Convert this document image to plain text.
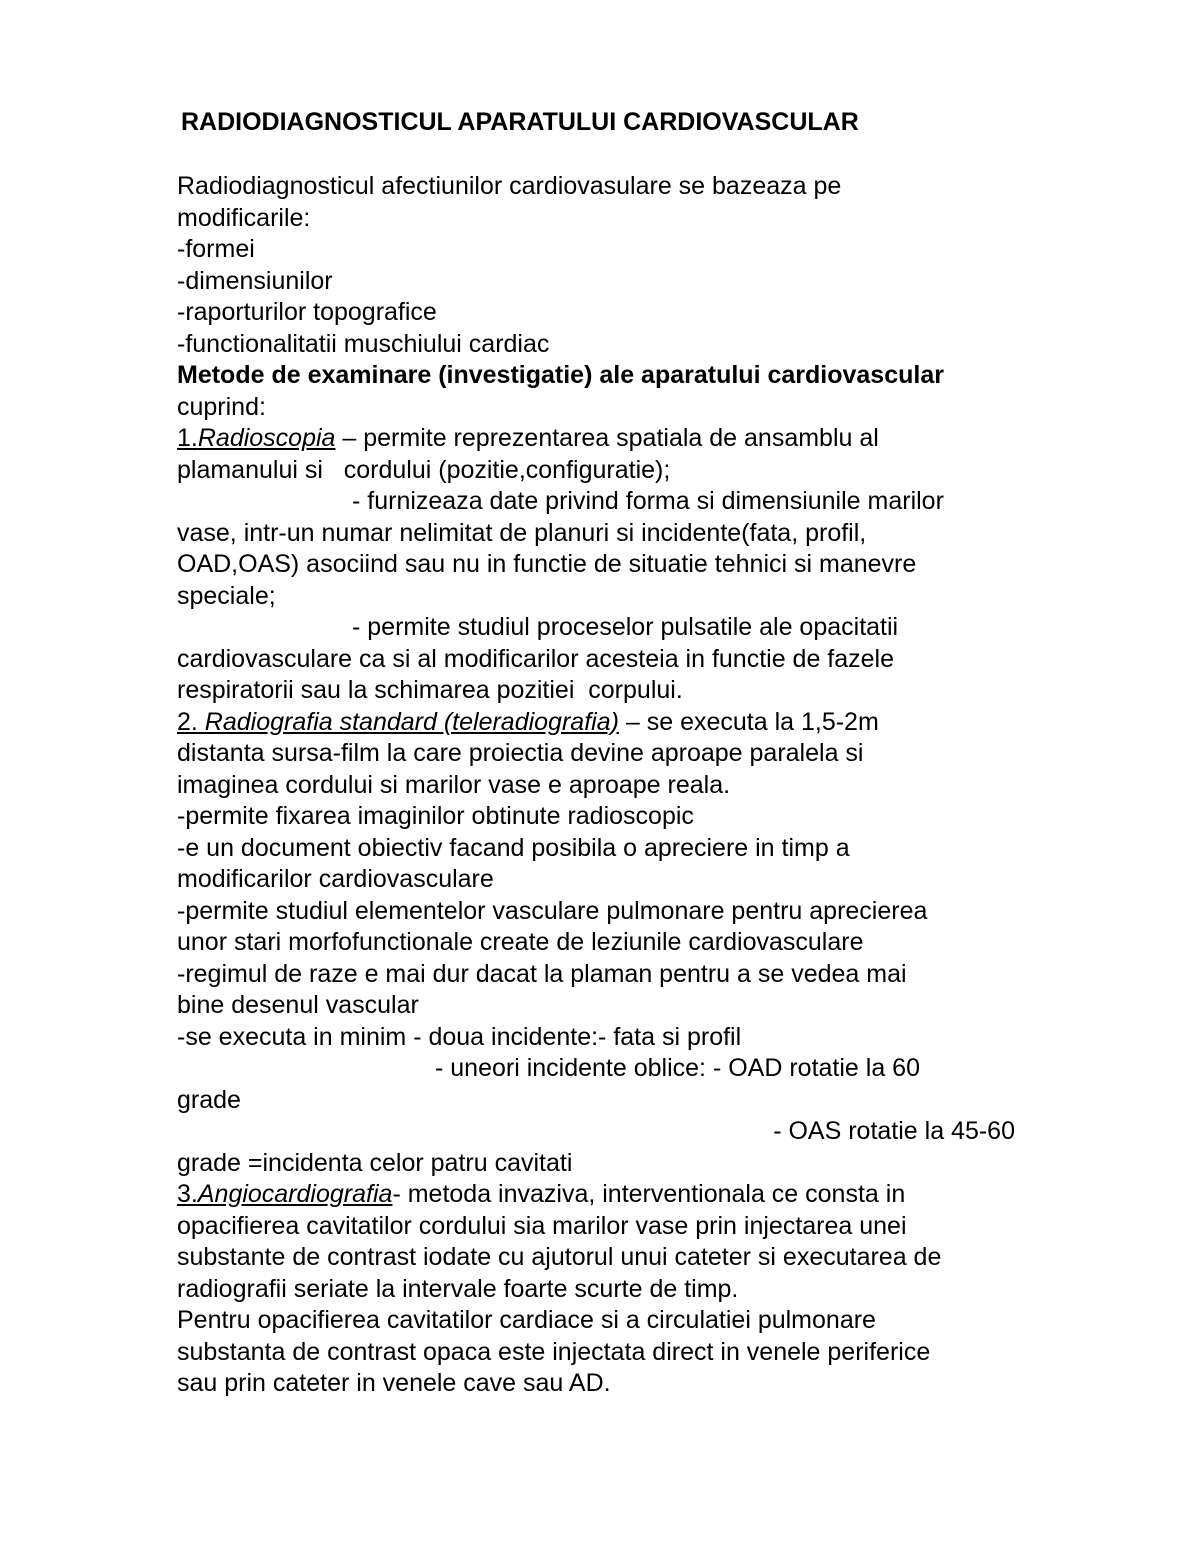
RADIODIAGNOSTICUL APARATULUI CARDIOVASCULAR
Radiodiagnosticul afectiunilor cardiovasulare se bazeaza pe
modificarile:
-formei
-dimensiunilor
-raporturilor topografice
-functionalitatii muschiului cardiac
Metode de examinare (investigatie) ale aparatului cardiovascular
cuprind:
1.Radioscopia – permite reprezentarea spatiala de ansamblu al
plamanului si   cordului (pozitie,configuratie);
- furnizeaza date privind forma si dimensiunile marilor
vase, intr-un numar nelimitat de planuri si incidente(fata, profil,
OAD,OAS) asociind sau nu in functie de situatie tehnici si manevre
speciale;
- permite studiul proceselor pulsatile ale opacitatii
cardiovasculare ca si al modificarilor acesteia in functie de fazele
respiratorii sau la schimarea pozitiei  corpului.
2. Radiografia standard (teleradiografia) – se executa la 1,5-2m
distanta sursa-film la care proiectia devine aproape paralela si
imaginea cordului si marilor vase e aproape reala.
-permite fixarea imaginilor obtinute radioscopic
-e un document obiectiv facand posibila o apreciere in timp a
modificarilor cardiovasculare
-permite studiul elementelor vasculare pulmonare pentru aprecierea
unor stari morfofunctionale create de leziunile cardiovasculare
-regimul de raze e mai dur dacat la plaman pentru a se vedea mai
bine desenul vascular
-se executa in minim - doua incidente:- fata si profil
- uneori incidente oblice: - OAD rotatie la 60
grade
- OAS rotatie la 45-60
grade =incidenta celor patru cavitati
3.Angiocardiografia- metoda invaziva, interventionala ce consta in
opacifierea cavitatilor cordului sia marilor vase prin injectarea unei
substante de contrast iodate cu ajutorul unui cateter si executarea de
radiografii seriate la intervale foarte scurte de timp.
Pentru opacifierea cavitatilor cardiace si a circulatiei pulmonare
substanta de contrast opaca este injectata direct in venele periferice
sau prin cateter in venele cave sau AD.
